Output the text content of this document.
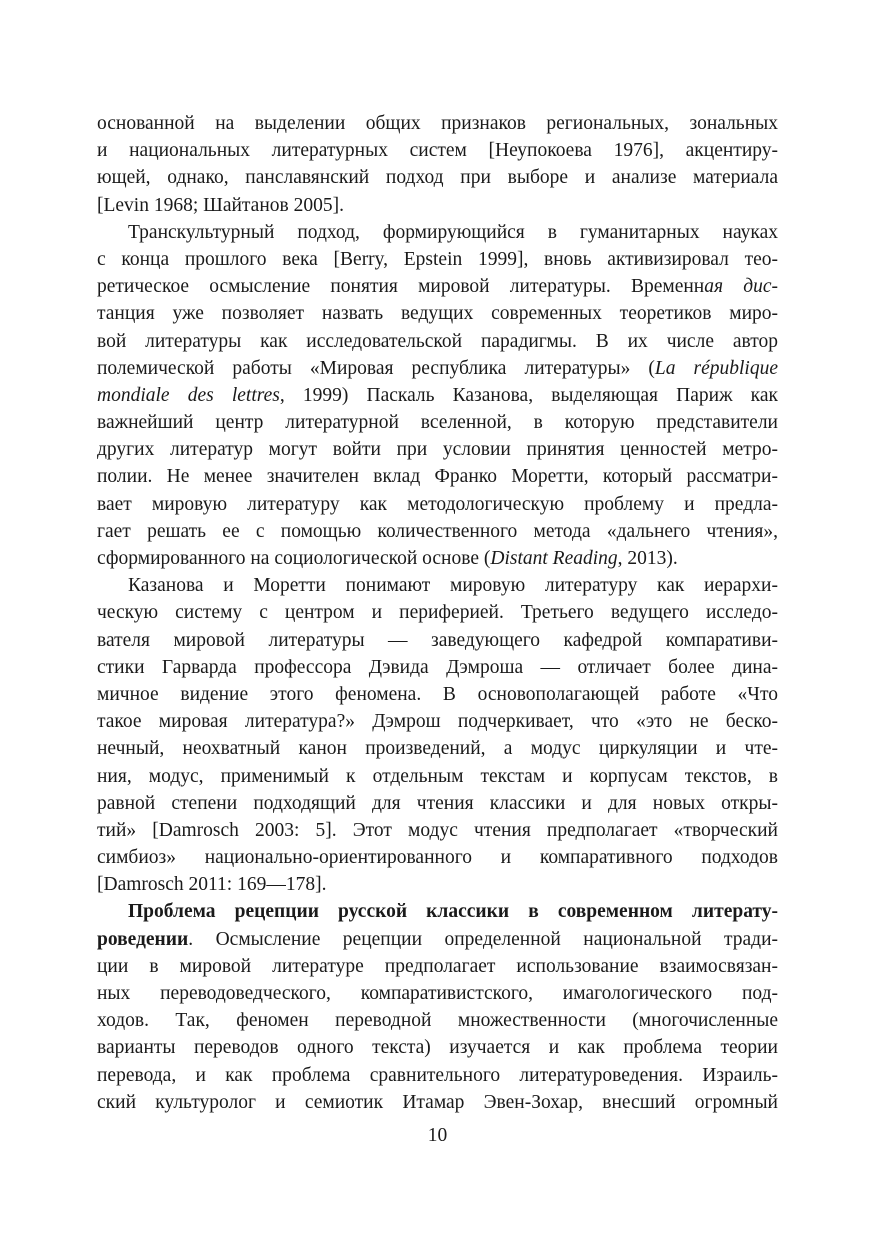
основанной на выделении общих признаков региональных, зональных
и национальных литературных систем [Неупокоева 1976], акцентиру-
ющей, однако, панславянский подход при выборе и анализе материала
[Levin 1968; Шайтанов 2005].
Транскультурный подход, формирующийся в гуманитарных науках
с конца прошлого века [Berry, Epstein 1999], вновь активизировал тео-
ретическое осмысление понятия мировой литературы. Временная дис-
танция уже позволяет назвать ведущих современных теоретиков миро-
вой литературы как исследовательской парадигмы. В их числе автор
полемической работы «Мировая республика литературы» (La république
mondiale des lettres, 1999) Паскаль Казанова, выделяющая Париж как
важнейший центр литературной вселенной, в которую представители
других литератур могут войти при условии принятия ценностей метро-
полии. Не менее значителен вклад Франко Моретти, который рассматри-
вает мировую литературу как методологическую проблему и предла-
гает решать ее с помощью количественного метода «дальнего чтения»,
сформированного на социологической основе (Distant Reading, 2013).
Казанова и Моретти понимают мировую литературу как иерархи-
ческую систему с центром и периферией. Третьего ведущего исследо-
вателя мировой литературы — заведующего кафедрой компаративи-
стики Гарварда профессора Дэвида Дэмроша — отличает более дина-
мичное видение этого феномена. В основополагающей работе «Что
такое мировая литература?» Дэмрош подчеркивает, что «это не беско-
нечный, неохватный канон произведений, а модус циркуляции и чте-
ния, модус, применимый к отдельным текстам и корпусам текстов, в
равной степени подходящий для чтения классики и для новых откры-
тий» [Damrosch 2003: 5]. Этот модус чтения предполагает «творческий
симбиоз» национально-ориентированного и компаративного подходов
[Damrosch 2011: 169—178].
Проблема рецепции русской классики в современном литерату-
роведении. Осмысление рецепции определенной национальной тради-
ции в мировой литературе предполагает использование взаимосвязан-
ных переводоведческого, компаративистского, имагологического под-
ходов. Так, феномен переводной множественности (многочисленные
варианты переводов одного текста) изучается и как проблема теории
перевода, и как проблема сравнительного литературоведения. Израиль-
ский культуролог и семиотик Итамар Эвен-Зохар, внесший огромный
10
